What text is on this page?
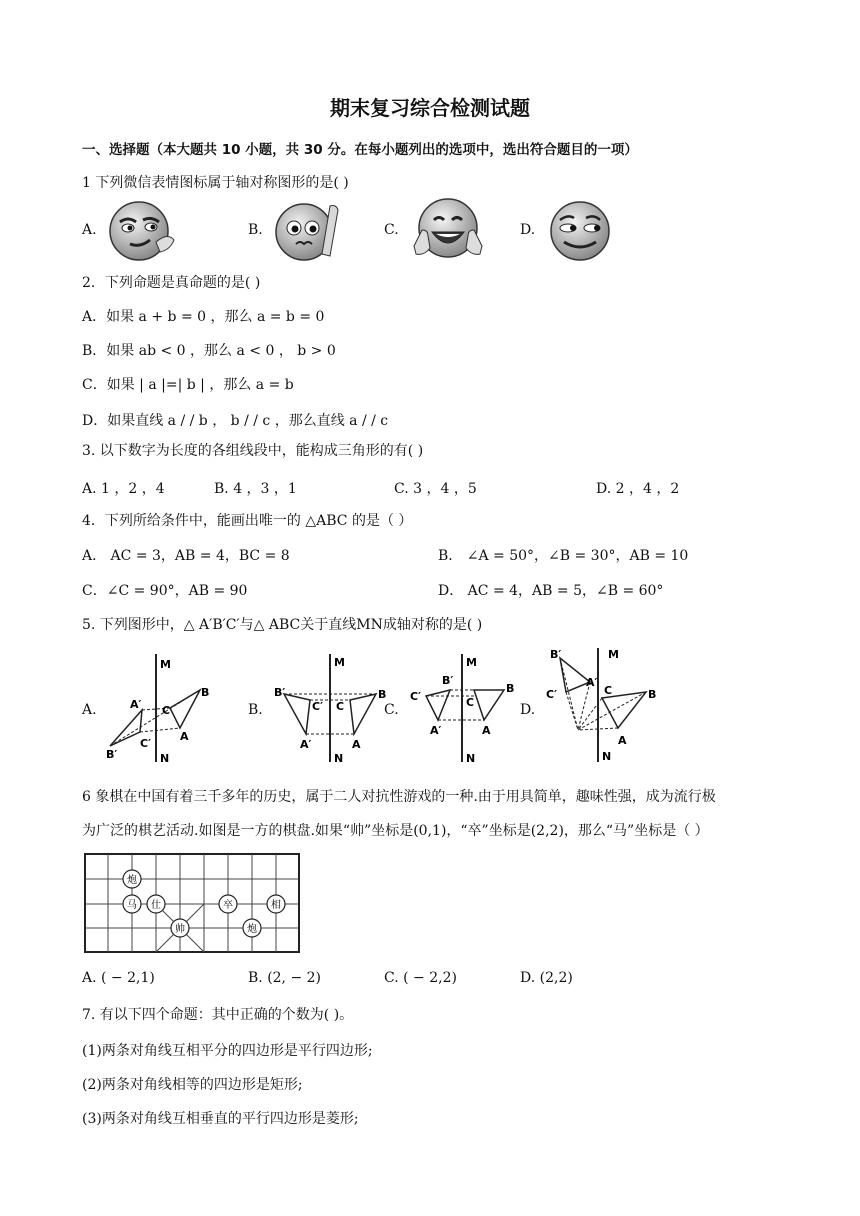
期末复习综合检测试题
一、选择题（本大题共 10 小题，共 30 分。在每小题列出的选项中，选出符合题目的一项）
1 下列微信表情图标属于轴对称图形的是( )
A.	B.	C.	D.
2．下列命题是真命题的是( )
A．如果 a + b = 0 ，那么 a = b = 0
B．如果 ab < 0 ，那么 a < 0 ， b > 0
C．如果 | a |=| b | ，那么 a = b
D．如果直线 a / / b ， b / / c ，那么直线 a / / c
3. 以下数字为长度的各组线段中，能构成三角形的有( )
A. 1 ，2 ，4	B. 4 ，3 ，1	C. 3 ，4 ，5	D. 2 ，4 ，2
4．下列所给条件中，能画出唯一的 △ABC 的是（ ）
A． AC = 3，AB = 4，BC = 8	B． ∠A = 50°，∠B = 30°，AB = 10
C．∠C = 90°，AB = 90	D． AC = 4，AB = 5，∠B = 60°
5. 下列图形中，△ A′B′C′与△ ABC关于直线MN成轴对称的是( )
A.	B.	C.	D.
M
A′
B
C′
C
A
B′	N
M
B′
C′ C
B
A′	A
N
M
B′
C′	C
B
A′	A
N
B′	M
A′
C′	C	B
A
N
6 象棋在中国有着三千多年的历史，属于二人对抗性游戏的一种.由于用具简单，趣味性强，成为流行极
为广泛的棋艺活动.如图是一方的棋盘.如果“帅”坐标是(0,1)，“卒”坐标是(2,2)，那么“马”坐标是（ ）
炮
马 仕
帅
卒	相
炮
A. ( − 2,1)	B. (2, − 2)	C. ( − 2,2)	D. (2,2)
7. 有以下四个命题：其中正确的个数为( )。
(1)两条对角线互相平分的四边形是平行四边形;
(2)两条对角线相等的四边形是矩形;
(3)两条对角线互相垂直的平行四边形是菱形;
